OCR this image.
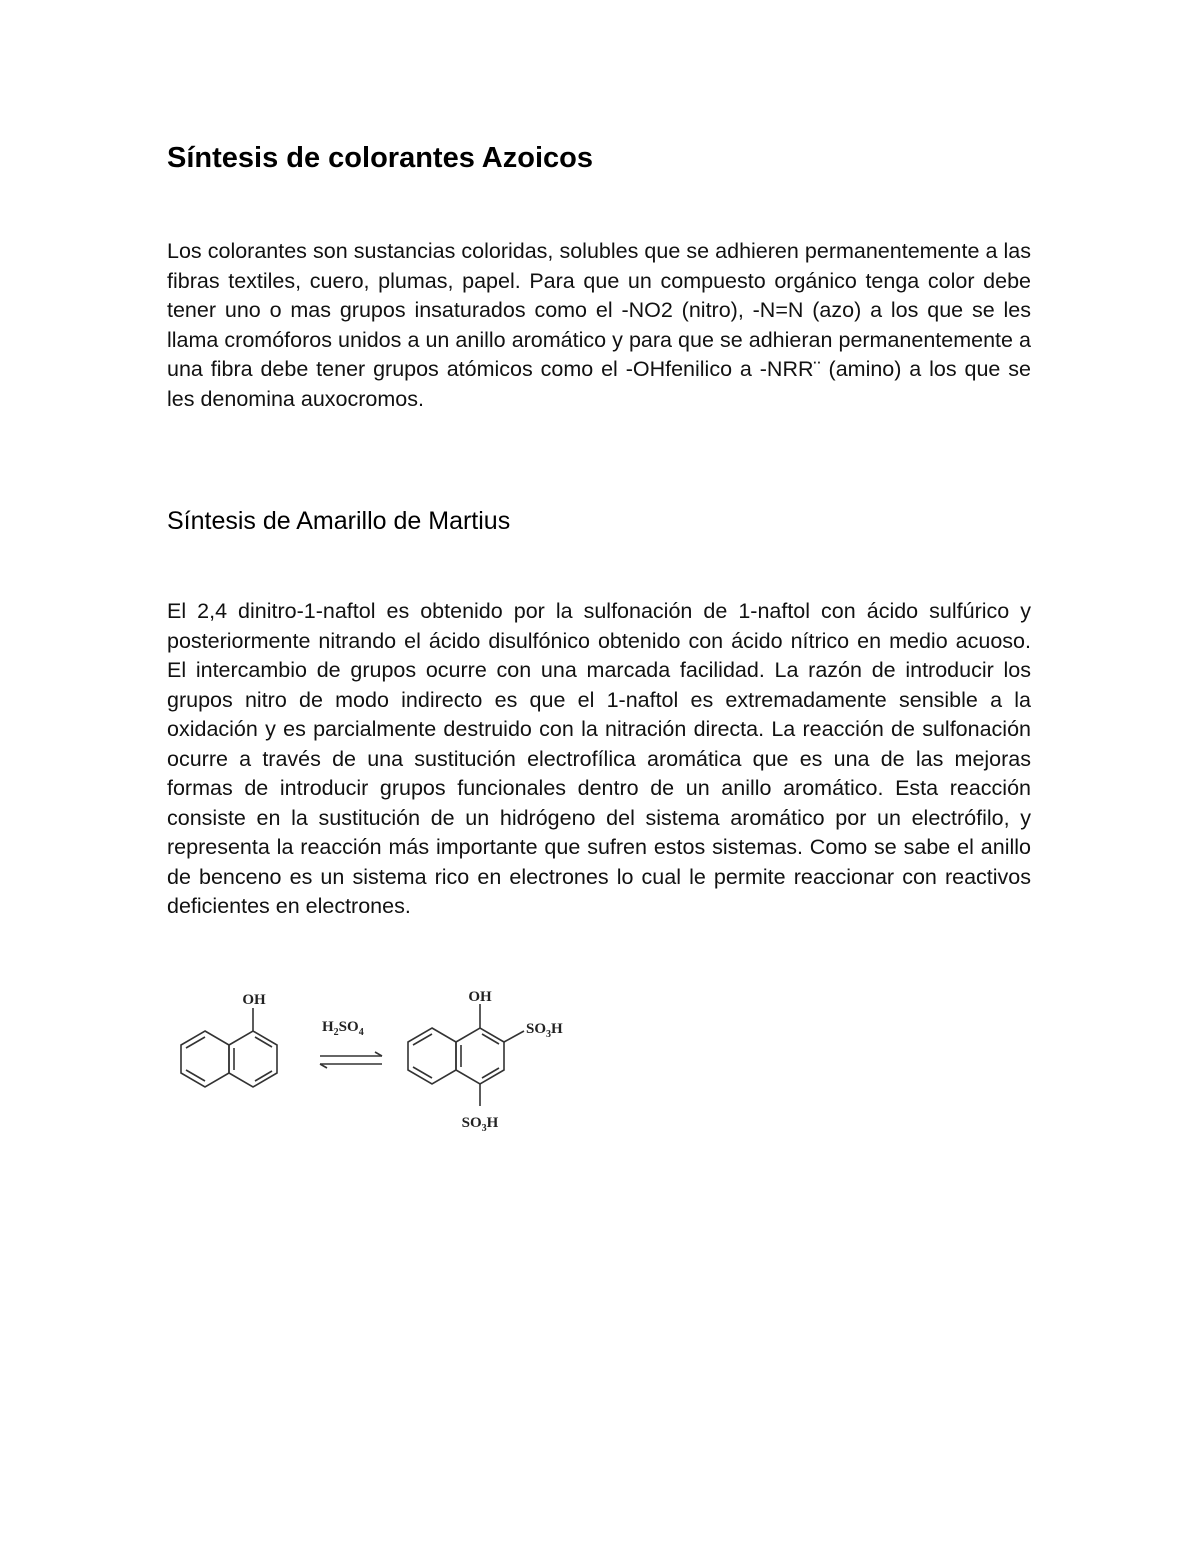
Síntesis de colorantes Azoicos

Los colorantes son sustancias coloridas, solubles que se adhieren permanentemente a las fibras textiles, cuero, plumas, papel. Para que un compuesto orgánico tenga color debe tener uno o mas grupos insaturados como el -NO2 (nitro), -N=N (azo) a los que se les llama cromóforos unidos a un anillo aromático y para que se adhieran permanentemente a una fibra debe tener grupos atómicos como el -OHfenilico a -NRR¨ (amino) a los que se les denomina auxocromos.

Síntesis de Amarillo de Martius

El 2,4 dinitro-1-naftol es obtenido por la sulfonación de 1-naftol con ácido sulfúrico y posteriormente nitrando el ácido disulfónico obtenido con ácido nítrico en medio acuoso. El intercambio de grupos ocurre con una marcada facilidad. La razón de introducir los grupos nitro de modo indirecto es que el 1-naftol es extremadamente sensible a la oxidación y es parcialmente destruido con la nitración directa. La reacción de sulfonación ocurre a través de una sustitución electrofílica aromática que es una de las mejoras formas de introducir grupos funcionales dentro de un anillo aromático. Esta reacción consiste en la sustitución de un hidrógeno del sistema aromático por un electrófilo, y representa la reacción más importante que sufren estos sistemas. Como se sabe el anillo de benceno es un sistema rico en electrones lo cual le permite reaccionar con reactivos deficientes en electrones.

OH
$H_2SO_4$
OH
$SO_3H$
$SO_3H$
